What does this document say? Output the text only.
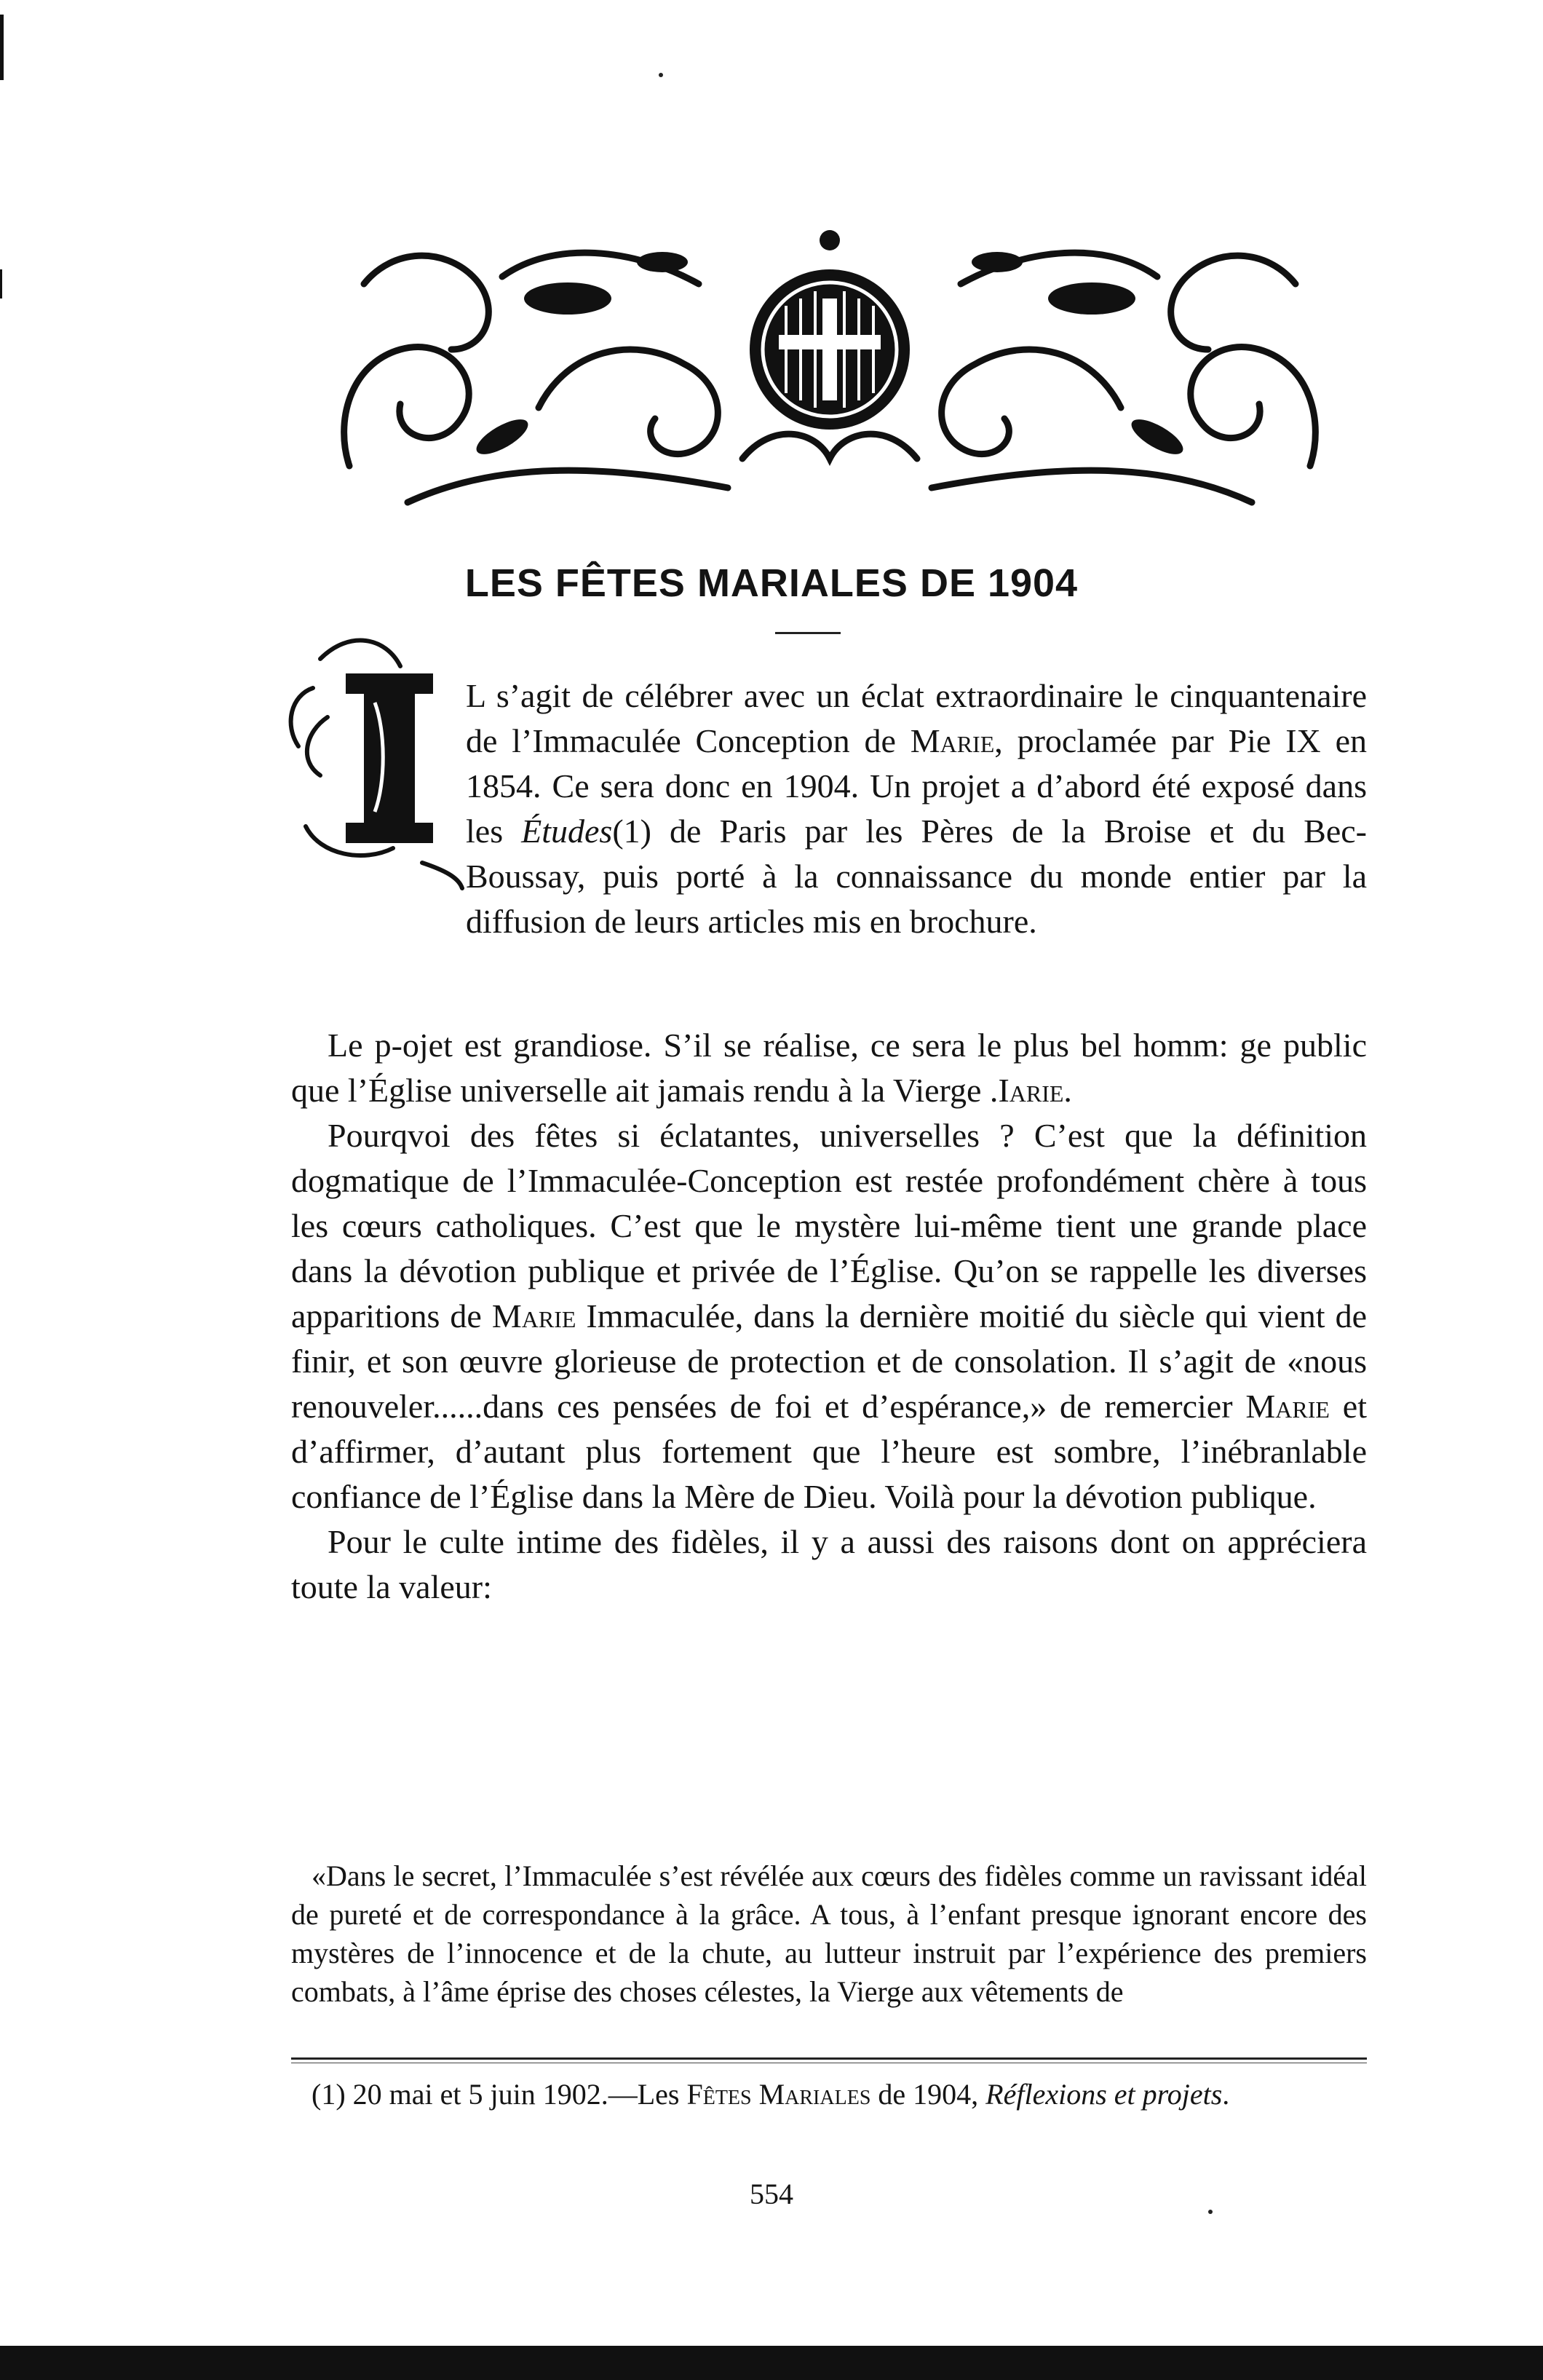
LES FÊTES MARIALES DE 1904
I

L s’agit de célébrer avec un éclat extraordinaire le cinquantenaire de l’Immaculée Conception de Marie, proclamée par Pie IX en 1854. Ce sera donc en 1904. Un projet a d’abord été exposé dans les Études(1) de Paris par les Pères de la Broise et du Bec-Boussay, puis porté à la connaissance du monde entier par la diffusion de leurs articles mis en brochure.

Le p-ojet est grandiose. S’il se réalise, ce sera le plus bel homm: ge public que l’Église universelle ait jamais rendu à la Vierge .Iarie.

Pourqvoi des fêtes si éclatantes, universelles ? C’est que la définition dogmatique de l’Immaculée-Conception est restée profondément chère à tous les cœurs catholiques. C’est que le mystère lui-même tient une grande place dans la dévotion publique et privée de l’Église. Qu’on se rappelle les diverses apparitions de Marie Immaculée, dans la dernière moitié du siècle qui vient de finir, et son œuvre glorieuse de protection et de consolation. Il s’agit de «nous renouveler......dans ces pensées de foi et d’espérance,» de remercier Marie et d’affirmer, d’autant plus fortement que l’heure est sombre, l’inébranlable confiance de l’Église dans la Mère de Dieu. Voilà pour la dévotion publique.

Pour le culte intime des fidèles, il y a aussi des raisons dont on appréciera toute la valeur:

«Dans le secret, l’Immaculée s’est révélée aux cœurs des fidèles comme un ravissant idéal de pureté et de correspondance à la grâce. A tous, à l’enfant presque ignorant encore des mystères de l’innocence et de la chute, au lutteur instruit par l’expérience des premiers combats, à l’âme éprise des choses célestes, la Vierge aux vêtements de

(1) 20 mai et 5 juin 1902.—Les Fêtes Mariales de 1904, Réflexions et projets.

554
